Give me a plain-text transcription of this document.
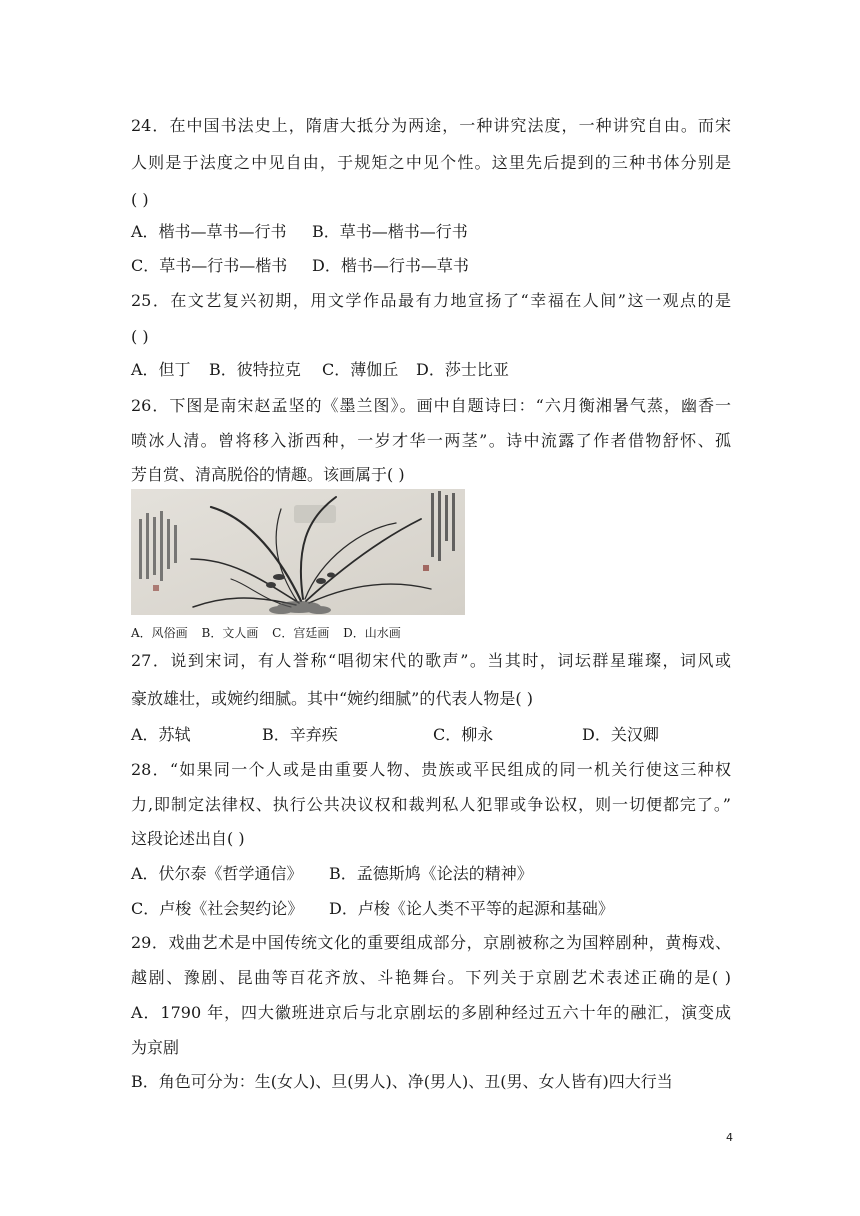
24．在中国书法史上，隋唐大抵分为两途，一种讲究法度，一种讲究自由。而宋
人则是于法度之中见自由，于规矩之中见个性。这里先后提到的三种书体分别是
( )
A．楷书—草书—行书	B．草书—楷书—行书
C．草书—行书—楷书	D．楷书—行书—草书
25．在文艺复兴初期，用文学作品最有力地宣扬了“幸福在人间”这一观点的是
( )
A．但丁	B．彼特拉克	C．薄伽丘	D．莎士比亚
26．下图是南宋赵孟坚的《墨兰图》。画中自题诗曰：“六月衡湘暑气蒸，幽香一
喷冰人清。曾将移入浙西种，一岁才华一两茎”。诗中流露了作者借物舒怀、孤
芳自赏、清高脱俗的情趣。该画属于( )
A．风俗画 B．文人画 C．宫廷画 D．山水画
27．说到宋词，有人誉称“唱彻宋代的歌声”。当其时，词坛群星璀璨，词风或
豪放雄壮，或婉约细腻。其中“婉约细腻”的代表人物是( )
A．苏轼	B．辛弃疾	C．柳永	D．关汉卿
28．“如果同一个人或是由重要人物、贵族或平民组成的同一机关行使这三种权
力,即制定法律权、执行公共决议权和裁判私人犯罪或争讼权，则一切便都完了。”
这段论述出自( )
A．伏尔泰《哲学通信》	B．孟德斯鸠《论法的精神》
C．卢梭《社会契约论》	D．卢梭《论人类不平等的起源和基础》
29．戏曲艺术是中国传统文化的重要组成部分，京剧被称之为国粹剧种，黄梅戏、
越剧、豫剧、昆曲等百花齐放、斗艳舞台。下列关于京剧艺术表述正确的是( )
A．1790 年，四大徽班进京后与北京剧坛的多剧种经过五六十年的融汇，演变成
为京剧
B．角色可分为：生(女人)、旦(男人)、净(男人)、丑(男、女人皆有)四大行当
4
